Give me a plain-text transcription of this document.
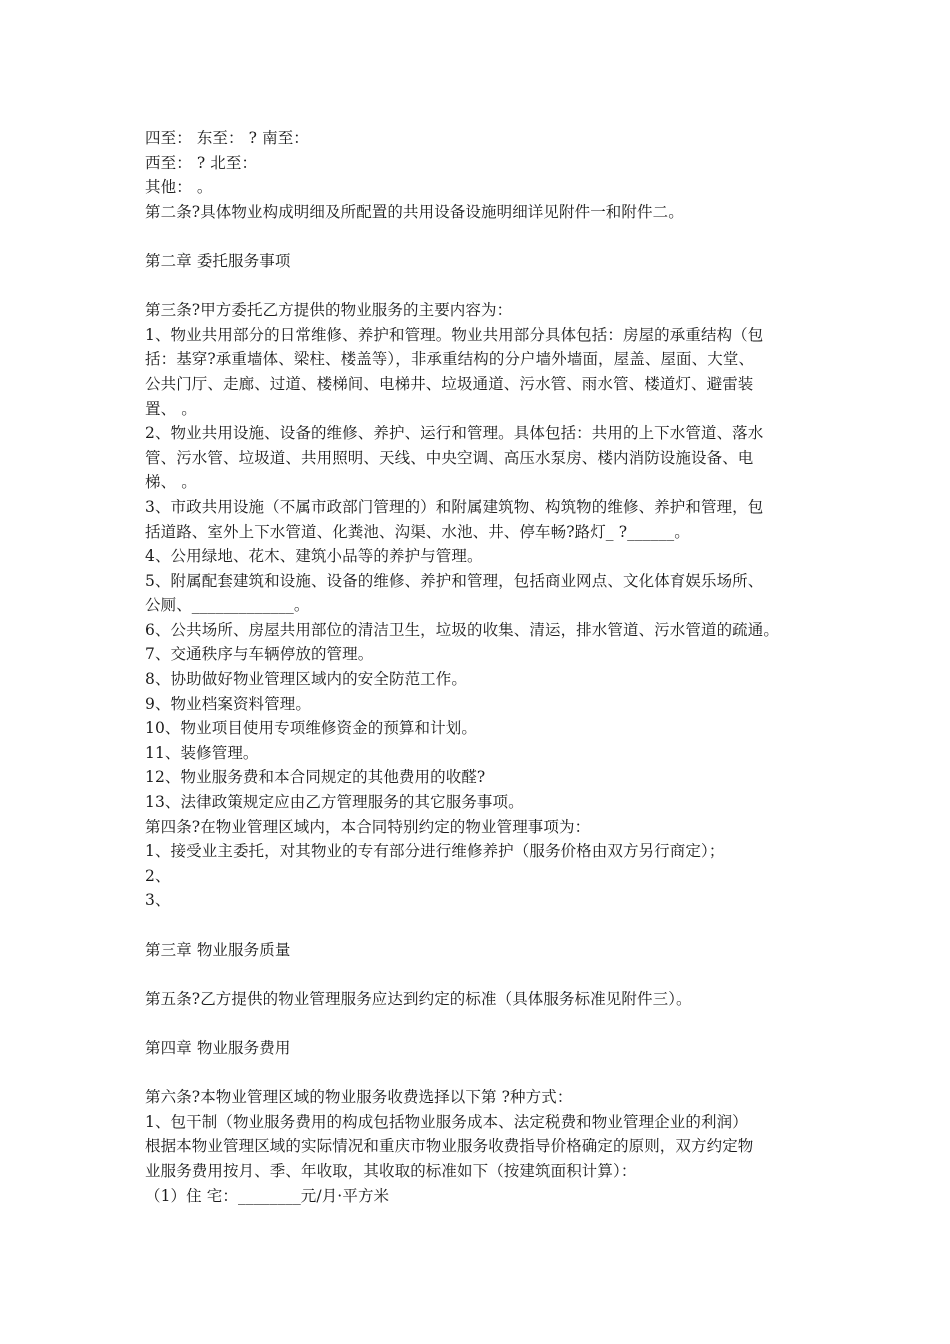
四至： 东至： ? 南至：
西至： ? 北至：
其他： 。
第二条?具体物业构成明细及所配置的共用设备设施明细详见附件一和附件二。
第二章 委托服务事项
第三条?甲方委托乙方提供的物业服务的主要内容为：
1、物业共用部分的日常维修、养护和管理。物业共用部分具体包括：房屋的承重结构（包
括：基穿?承重墙体、梁柱、楼盖等），非承重结构的分户墙外墙面，屋盖、屋面、大堂、
公共门厅、走廊、过道、楼梯间、电梯井、垃圾通道、污水管、雨水管、楼道灯、避雷装
置、 。
2、物业共用设施、设备的维修、养护、运行和管理。具体包括：共用的上下水管道、落水
管、污水管、垃圾道、共用照明、天线、中央空调、高压水泵房、楼内消防设施设备、电
梯、 。
3、市政共用设施（不属市政部门管理的）和附属建筑物、构筑物的维修、养护和管理，包
括道路、室外上下水管道、化粪池、沟渠、水池、井、停车畅?路灯_ ?______。
4、公用绿地、花木、建筑小品等的养护与管理。
5、附属配套建筑和设施、设备的维修、养护和管理，包括商业网点、文化体育娱乐场所、
公厕、_____________。
6、公共场所、房屋共用部位的清洁卫生，垃圾的收集、清运，排水管道、污水管道的疏通。
7、交通秩序与车辆停放的管理。
8、协助做好物业管理区域内的安全防范工作。
9、物业档案资料管理。
10、物业项目使用专项维修资金的预算和计划。
11、装修管理。
12、物业服务费和本合同规定的其他费用的收醛?
13、法律政策规定应由乙方管理服务的其它服务事项。
第四条?在物业管理区域内，本合同特别约定的物业管理事项为：
1、接受业主委托，对其物业的专有部分进行维修养护（服务价格由双方另行商定）；
2、
3、
第三章 物业服务质量
第五条?乙方提供的物业管理服务应达到约定的标准（具体服务标准见附件三）。
第四章 物业服务费用
第六条?本物业管理区域的物业服务收费选择以下第 ?种方式：
1、包干制（物业服务费用的构成包括物业服务成本、法定税费和物业管理企业的利润）
根据本物业管理区域的实际情况和重庆市物业服务收费指导价格确定的原则，双方约定物
业服务费用按月、季、年收取，其收取的标准如下（按建筑面积计算）：
（1）住 宅：________元/月·平方米
